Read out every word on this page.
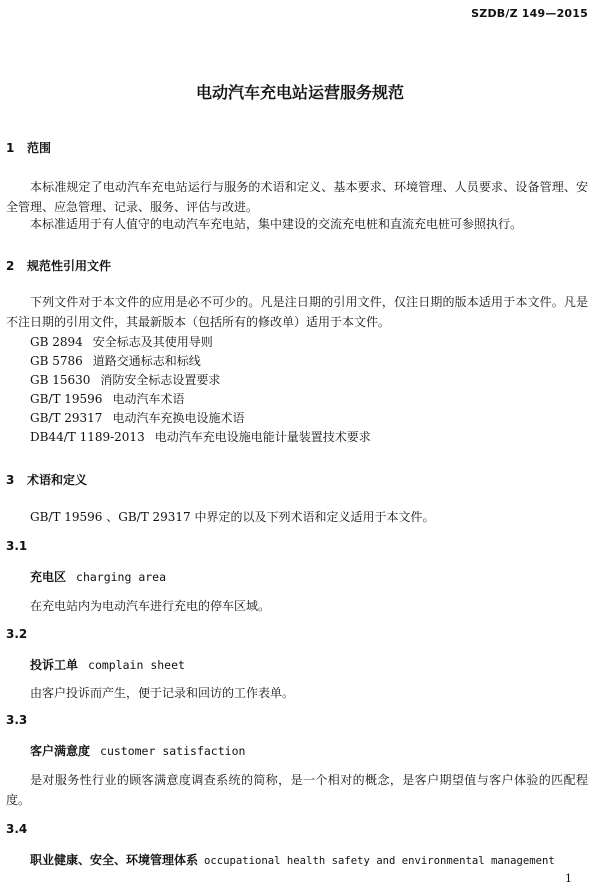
SZDB/Z 149—2015
电动汽车充电站运营服务规范
1 范围
本标准规定了电动汽车充电站运行与服务的术语和定义、基本要求、环境管理、人员要求、设备管理、安全管理、应急管理、记录、服务、评估与改进。
本标准适用于有人值守的电动汽车充电站，集中建设的交流充电桩和直流充电桩可参照执行。
2 规范性引用文件
下列文件对于本文件的应用是必不可少的。凡是注日期的引用文件，仅注日期的版本适用于本文件。凡是不注日期的引用文件，其最新版本（包括所有的修改单）适用于本文件。
GB 2894 安全标志及其使用导则
GB 5786 道路交通标志和标线
GB 15630 消防安全标志设置要求
GB/T 19596 电动汽车术语
GB/T 29317 电动汽车充换电设施术语
DB44/T 1189-2013 电动汽车充电设施电能计量装置技术要求
3 术语和定义
GB/T 19596 、GB/T 29317 中界定的以及下列术语和定义适用于本文件。
3.1
充电区 charging area
在充电站内为电动汽车进行充电的停车区域。
3.2
投诉工单 complain sheet
由客户投诉而产生，便于记录和回访的工作表单。
3.3
客户满意度 customer satisfaction
是对服务性行业的顾客满意度调查系统的简称，是一个相对的概念，是客户期望值与客户体验的匹配程度。
3.4
职业健康、安全、环境管理体系 occupational health safety and environmental management
1
